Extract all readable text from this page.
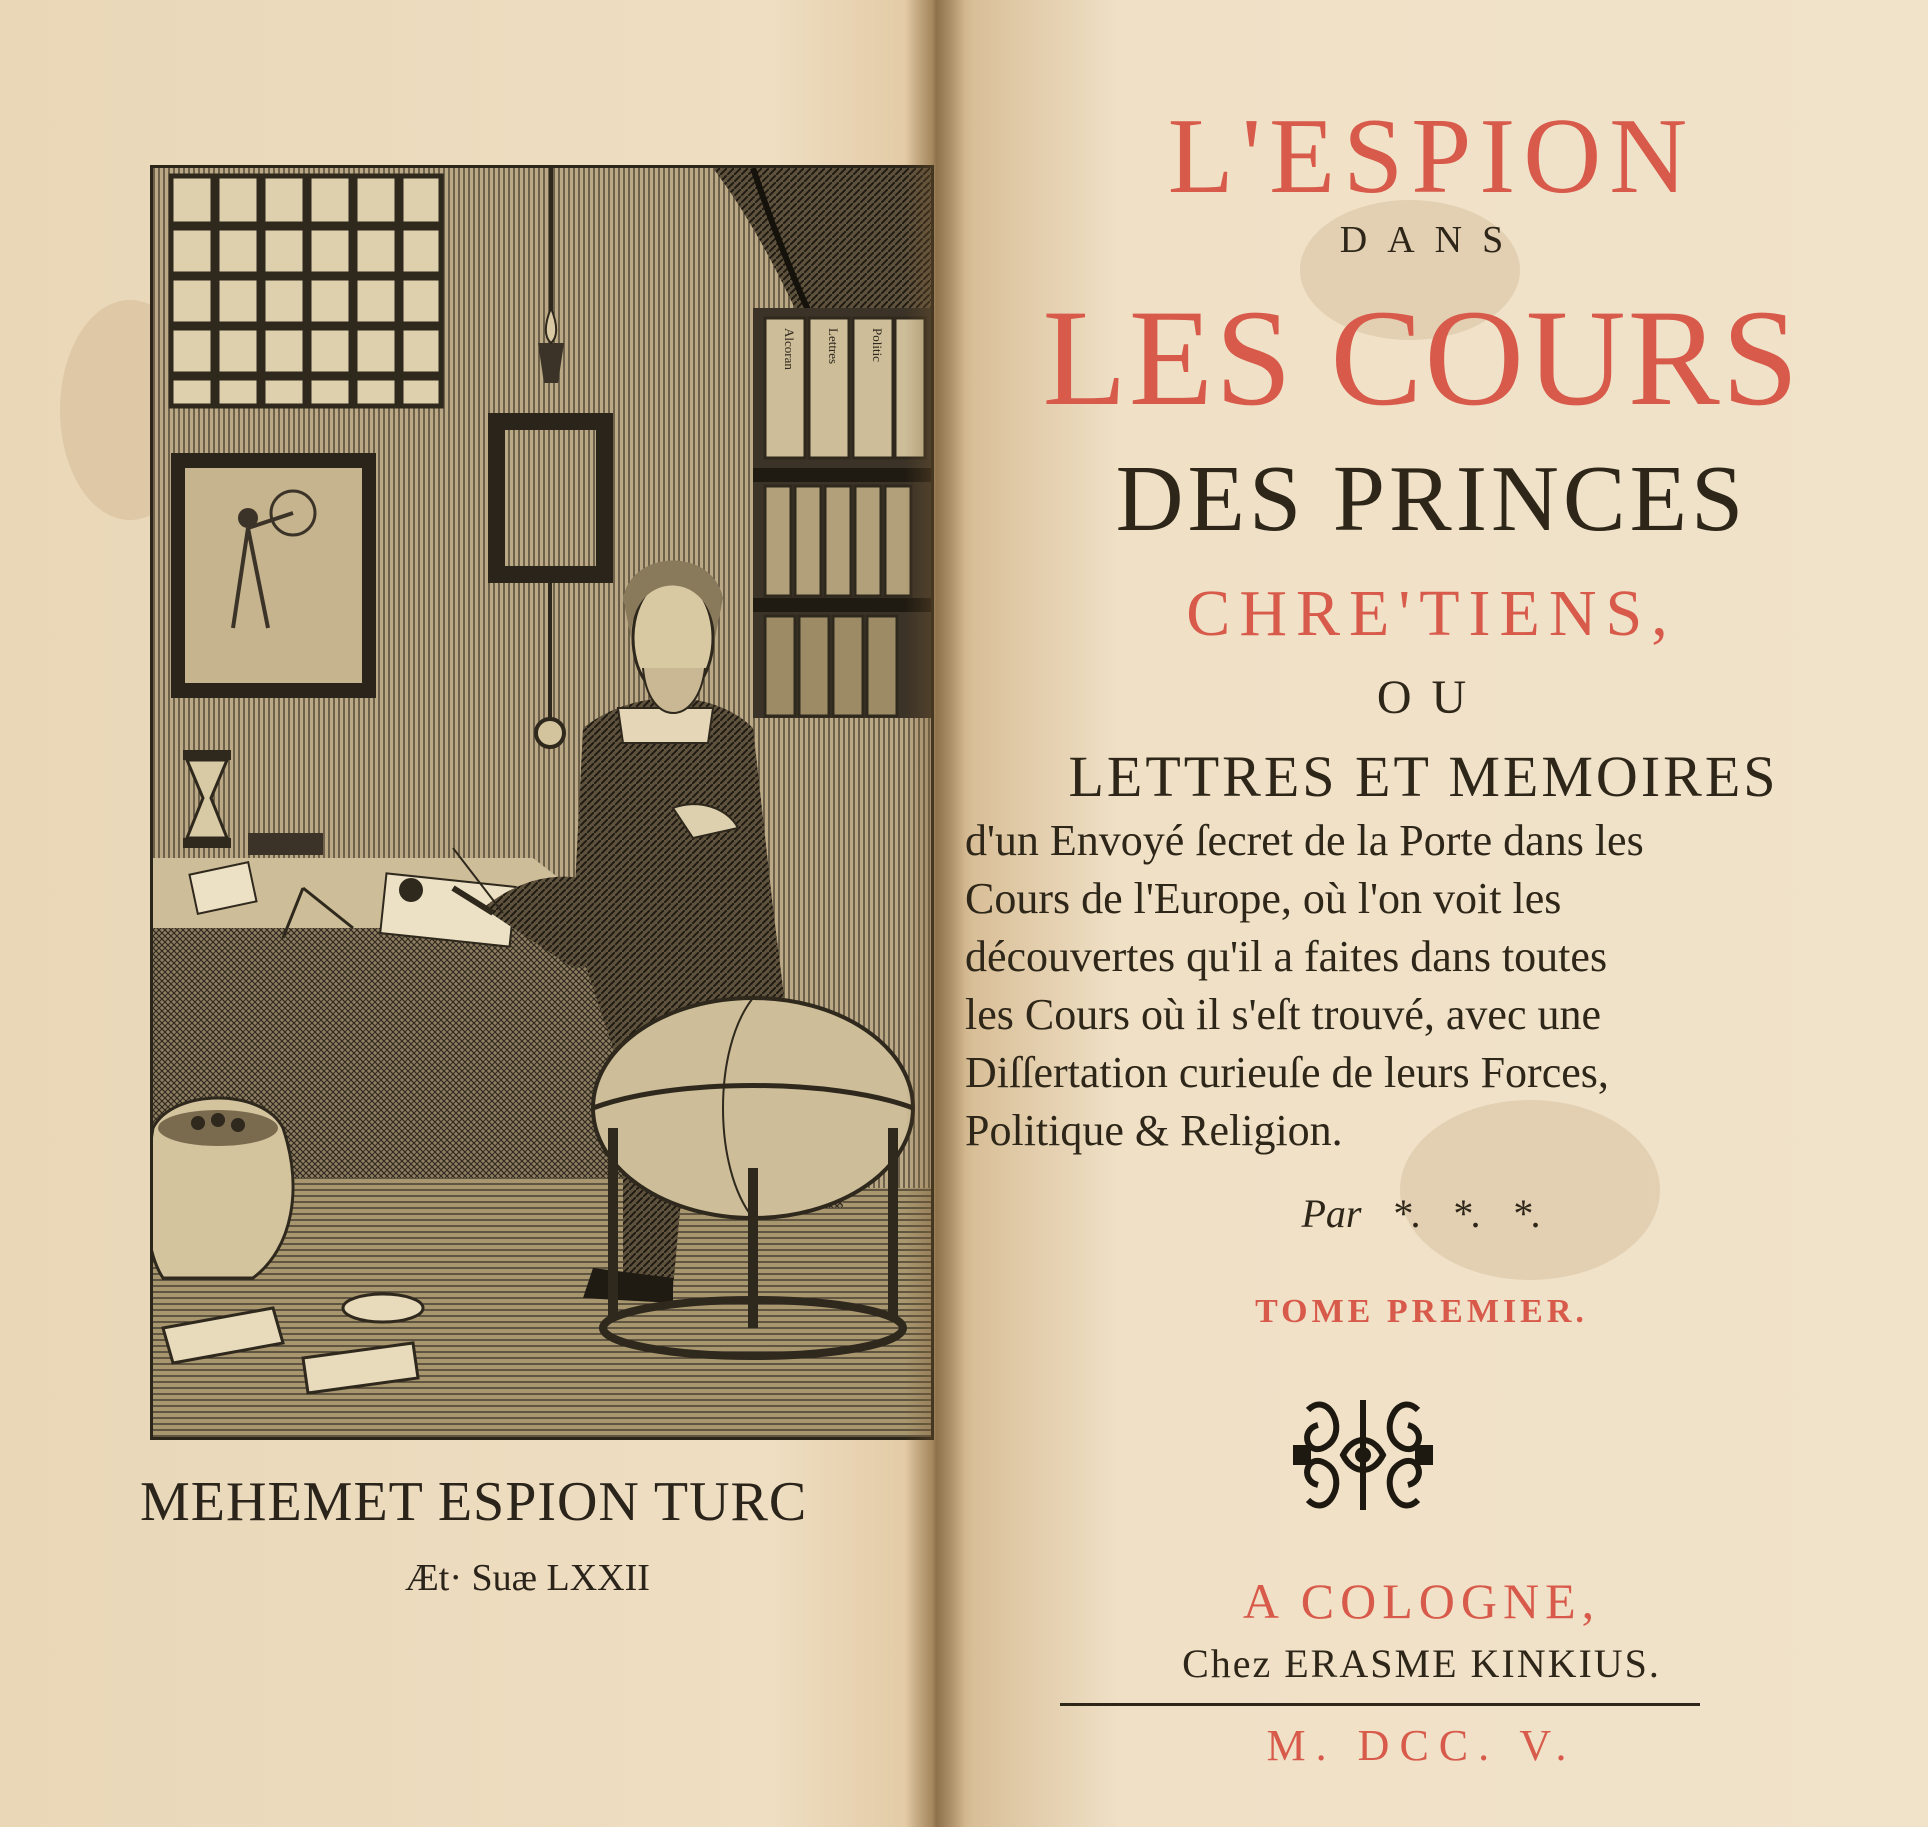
Alcoran Lettres Politic
MEHEMET ESPION TURC
Æt· Suæ LXXII
L'ESPION
DANS
LES COURS
DES PRINCES
CHRE'TIENS,
OU
LETTRES ET MEMOIRES
d'un Envoyé ſecret de la Porte dans les
Cours de l'Europe, où l'on voit les
découvertes qu'il a faites dans toutes
les Cours où il s'eſt trouvé, avec une
Diſſertation curieuſe de leurs Forces,
Politique & Religion.
Par *. *. *.
TOME PREMIER.
A COLOGNE,
Chez ERASME KINKIUS.
M. DCC. V.
